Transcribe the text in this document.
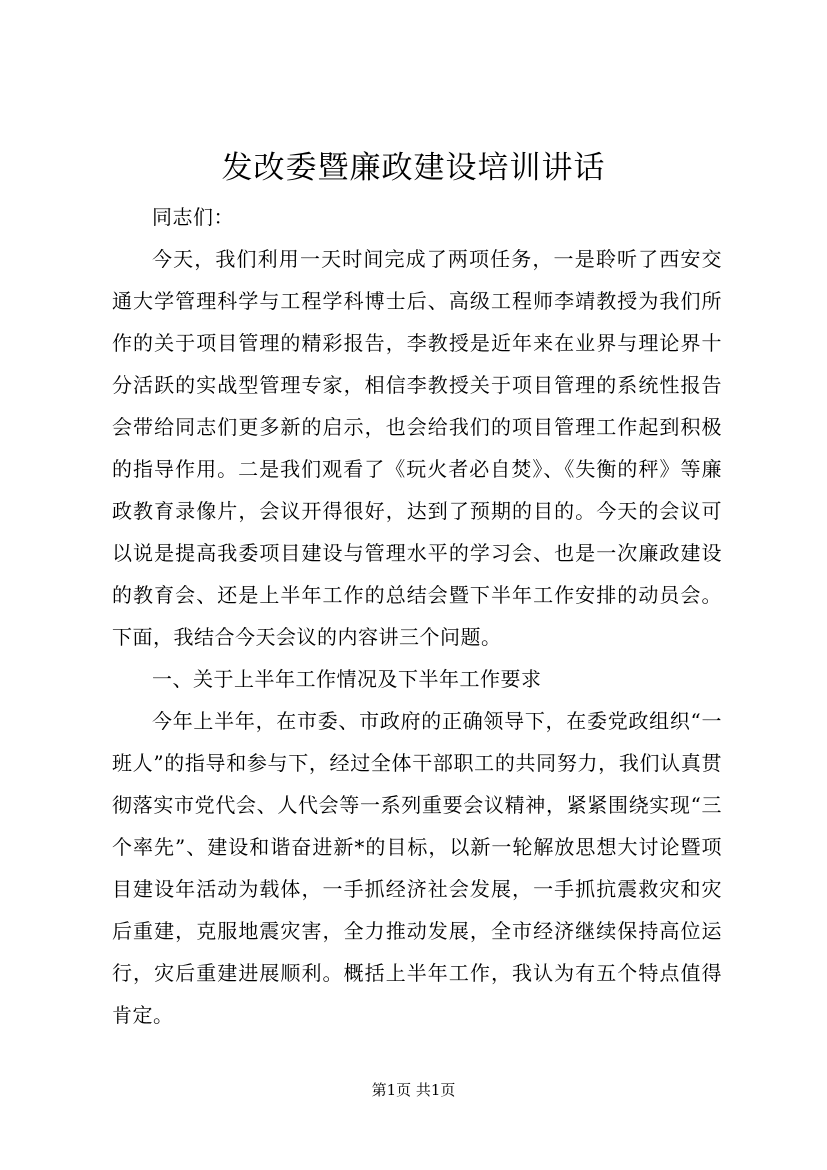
发改委暨廉政建设培训讲话

同志们：

今天，我们利用一天时间完成了两项任务，一是聆听了西安交通大学管理科学与工程学科博士后、高级工程师李靖教授为我们所作的关于项目管理的精彩报告，李教授是近年来在业界与理论界十分活跃的实战型管理专家，相信李教授关于项目管理的系统性报告会带给同志们更多新的启示，也会给我们的项目管理工作起到积极的指导作用。二是我们观看了《玩火者必自焚》、《失衡的秤》等廉政教育录像片，会议开得很好，达到了预期的目的。今天的会议可以说是提高我委项目建设与管理水平的学习会、也是一次廉政建设的教育会、还是上半年工作的总结会暨下半年工作安排的动员会。下面，我结合今天会议的内容讲三个问题。

一、关于上半年工作情况及下半年工作要求

今年上半年，在市委、市政府的正确领导下，在委党政组织“一班人”的指导和参与下，经过全体干部职工的共同努力，我们认真贯彻落实市党代会、人代会等一系列重要会议精神，紧紧围绕实现“三个率先”、建设和谐奋进新*的目标，以新一轮解放思想大讨论暨项目建设年活动为载体，一手抓经济社会发展，一手抓抗震救灾和灾后重建，克服地震灾害，全力推动发展，全市经济继续保持高位运行，灾后重建进展顺利。概括上半年工作，我认为有五个特点值得肯定。

第1页 共1页
